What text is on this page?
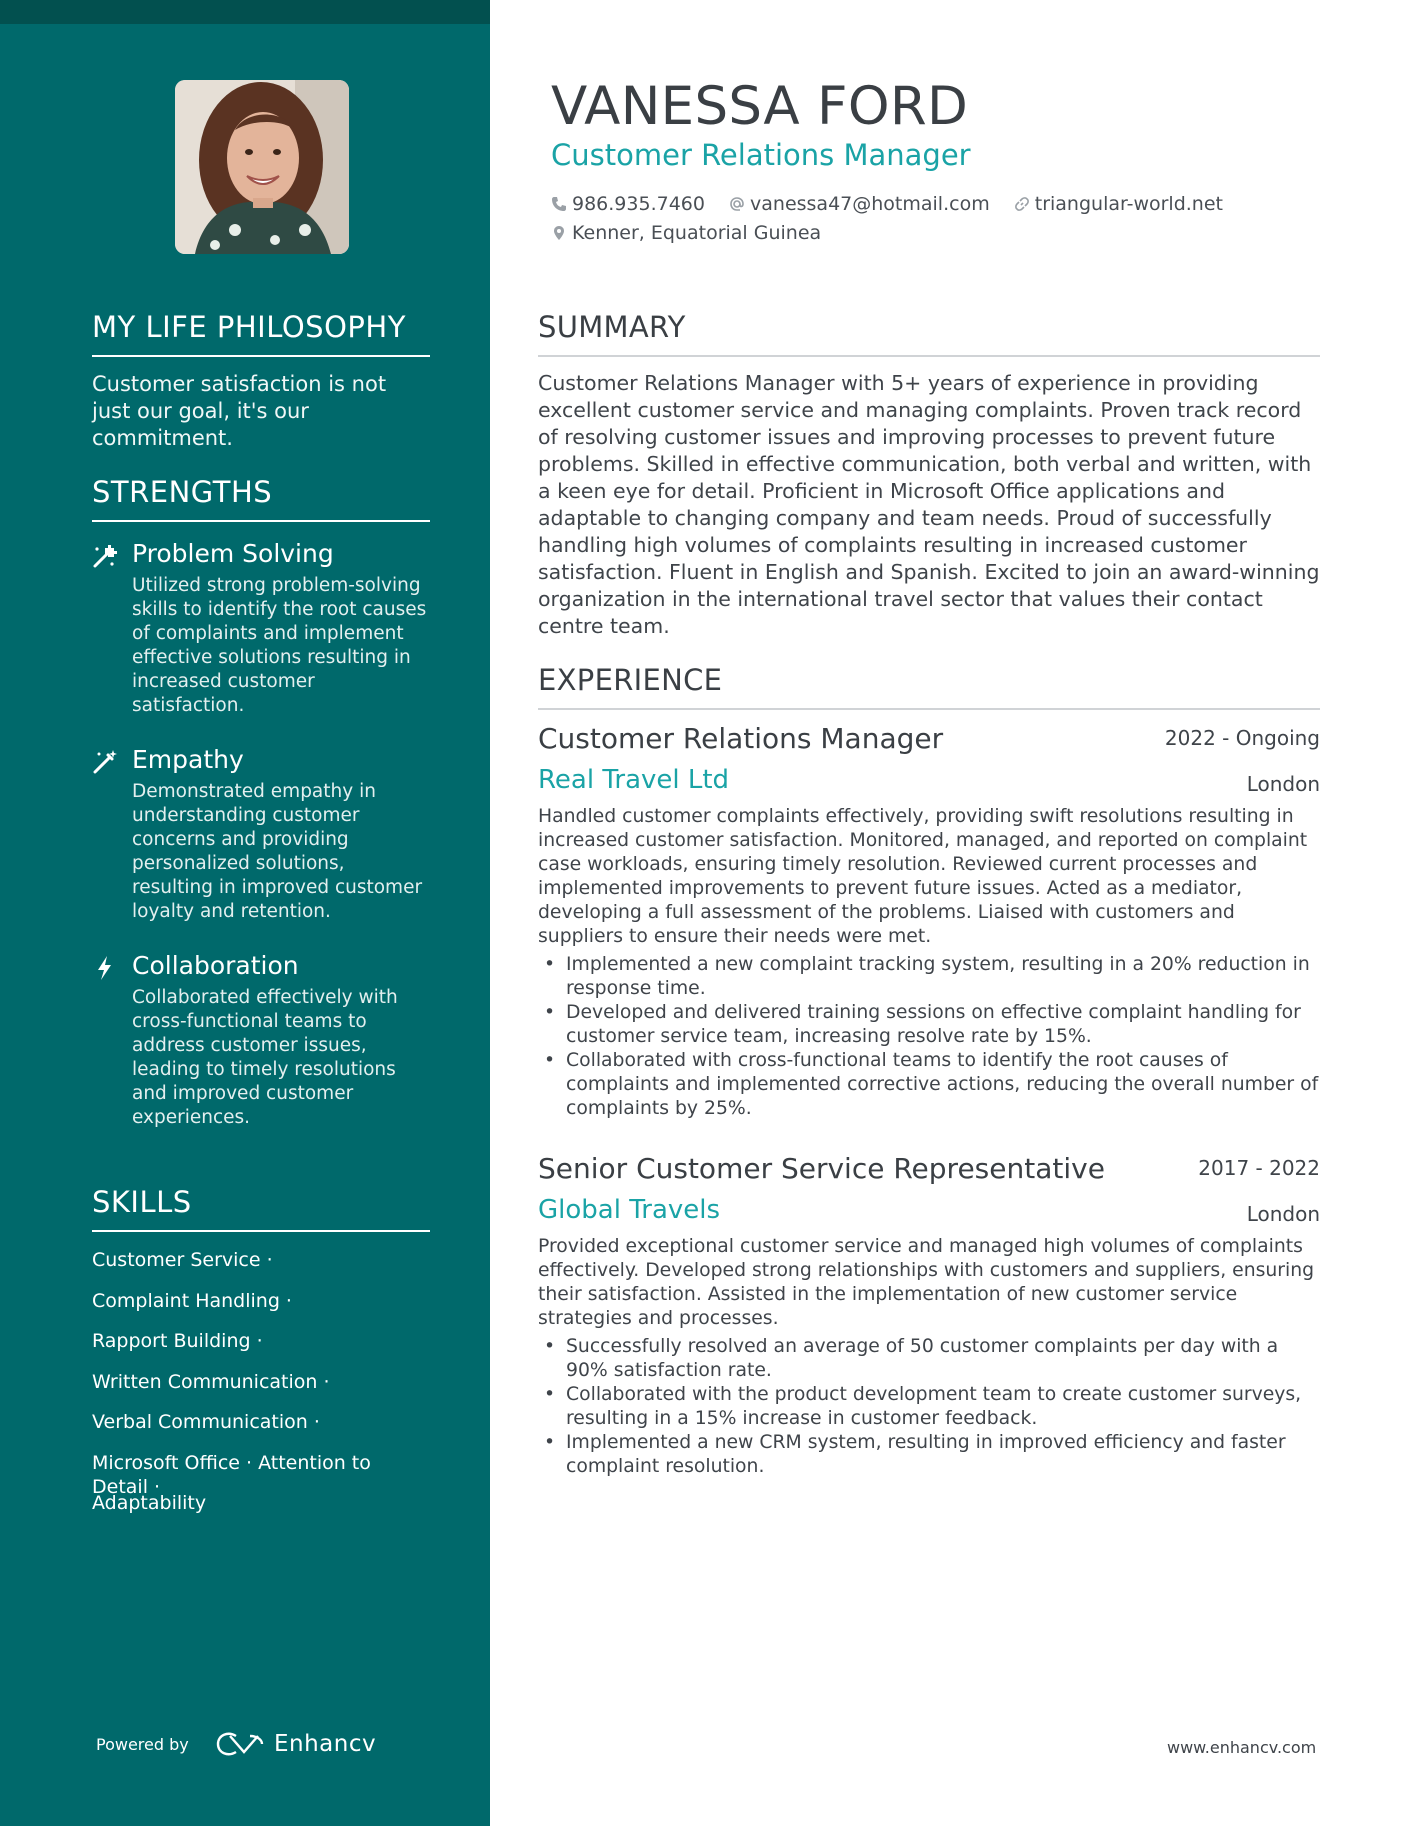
MY LIFE PHILOSOPHY
Customer satisfaction is not just our goal, it's our commitment.
STRENGTHS
Problem Solving
Utilized strong problem-solving skills to identify the root causes of complaints and implement effective solutions resulting in increased customer satisfaction.
Empathy
Demonstrated empathy in understanding customer concerns and providing personalized solutions, resulting in improved customer loyalty and retention.
Collaboration
Collaborated effectively with cross-functional teams to address customer issues, leading to timely resolutions and improved customer experiences.
SKILLS
Customer Service ·
Complaint Handling ·
Rapport Building ·
Written Communication ·
Verbal Communication ·
Microsoft Office · Attention to Detail ·
Adaptability
Powered by	Enhancv
VANESSA FORD
Customer Relations Manager
986.935.7460 vanessa47@hotmail.com triangular-world.net
Kenner, Equatorial Guinea
SUMMARY
Customer Relations Manager with 5+ years of experience in providing excellent customer service and managing complaints. Proven track record of resolving customer issues and improving processes to prevent future problems. Skilled in effective communication, both verbal and written, with a keen eye for detail. Proficient in Microsoft Office applications and adaptable to changing company and team needs. Proud of successfully handling high volumes of complaints resulting in increased customer satisfaction. Fluent in English and Spanish. Excited to join an award-winning organization in the international travel sector that values their contact centre team.
EXPERIENCE
Customer Relations Manager	2022 - Ongoing
Real Travel Ltd	London
Handled customer complaints effectively, providing swift resolutions resulting in increased customer satisfaction. Monitored, managed, and reported on complaint case workloads, ensuring timely resolution. Reviewed current processes and implemented improvements to prevent future issues. Acted as a mediator, developing a full assessment of the problems. Liaised with customers and suppliers to ensure their needs were met.
• Implemented a new complaint tracking system, resulting in a 20% reduction in response time.
• Developed and delivered training sessions on effective complaint handling for customer service team, increasing resolve rate by 15%.
• Collaborated with cross-functional teams to identify the root causes of complaints and implemented corrective actions, reducing the overall number of complaints by 25%.
Senior Customer Service Representative	2017 - 2022
Global Travels	London
Provided exceptional customer service and managed high volumes of complaints effectively. Developed strong relationships with customers and suppliers, ensuring their satisfaction. Assisted in the implementation of new customer service strategies and processes.
• Successfully resolved an average of 50 customer complaints per day with a 90% satisfaction rate.
• Collaborated with the product development team to create customer surveys, resulting in a 15% increase in customer feedback.
• Implemented a new CRM system, resulting in improved efficiency and faster complaint resolution.
www.enhancv.com
